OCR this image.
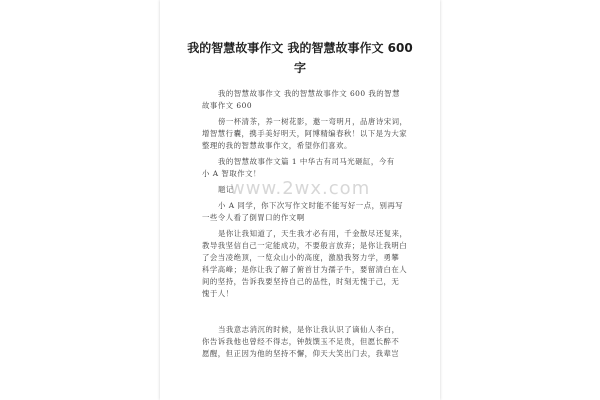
我的智慧故事作文 我的智慧故事作文 600
字
我的智慧故事作文 我的智慧故事作文 600 我的智慧
故事作文 600
傍一杯清茶，养一树花影，邀一弯明月，品唐诗宋词，
增智慧行囊，携手美好明天，阿博精编春秋！以下是为大家
整理的我的智慧故事作文，希望你们喜欢。
我的智慧故事作文篇 1 中华古有司马光砸缸，今有
小 A 智取作文！
题记
小 A 同学，你下次写作文时能不能写好一点，别再写
一些令人看了倒胃口的作文啊
是你让我知道了，天生我才必有用，千金散尽还复来，
教导我坚信自己一定能成功，不要般言放弃；是你让我明白
了会当凌绝顶，一览众山小的高度，激励我努力学，勇攀
科学高峰；是你让我了解了俯首甘为孺子牛，要留清白在人
间的坚持，告诉我要坚持自己的品性，时刻无愧于己，无
愧于人！
当我意志消沉的时候，是你让我认识了谪仙人李白，
你告诉我他也曾经不得志，钟鼓馔玉不足贵，但愿长醉不
愿醒，但正因为他的坚持不懈，仰天大笑出门去，我辈岂
www.2wx.com
